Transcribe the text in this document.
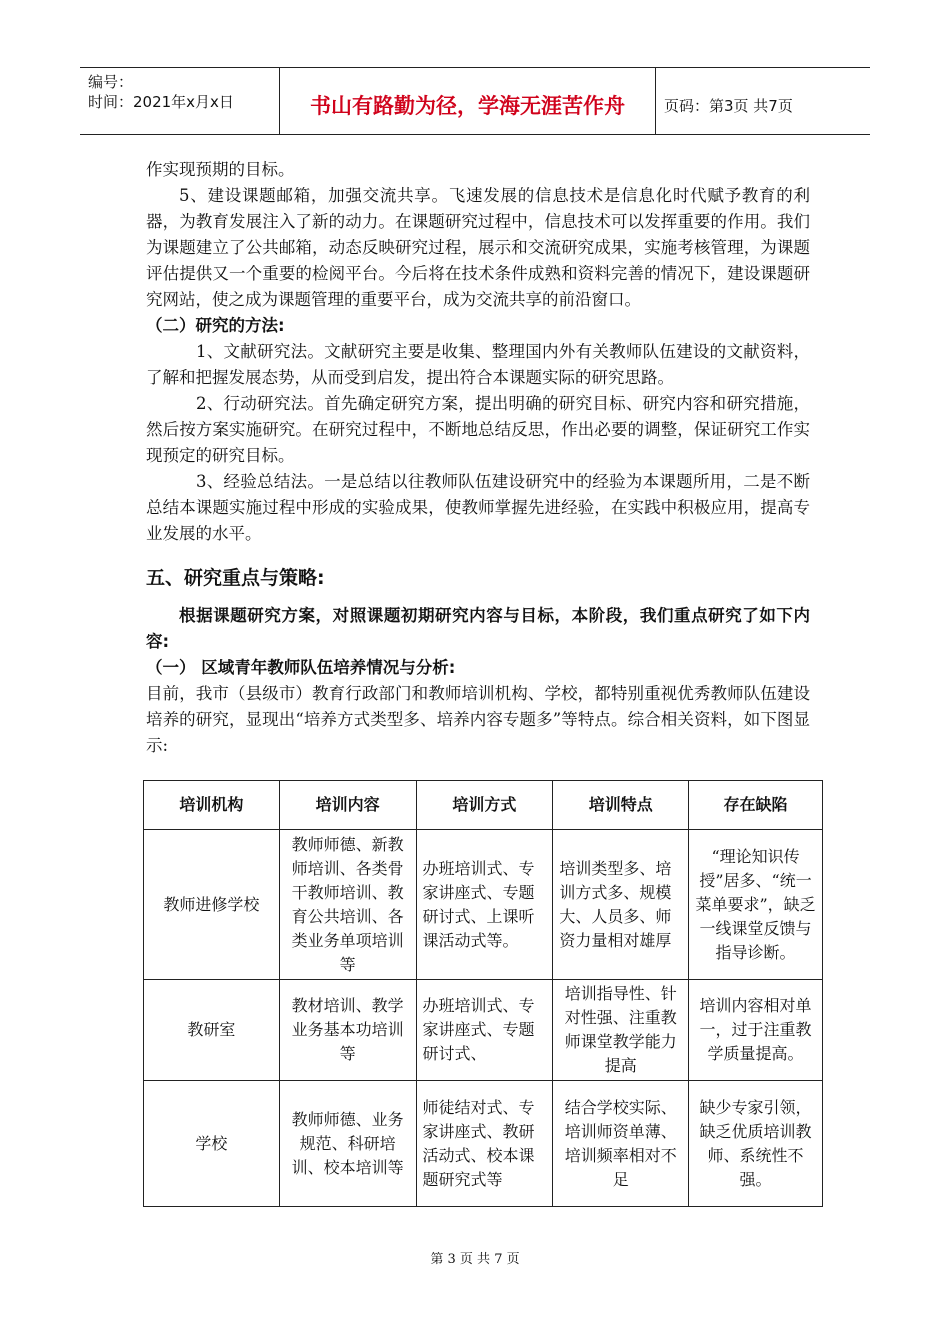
编号：
时间：2021年x月x日	书山有路勤为径，学海无涯苦作舟	页码：第3页 共7页

作实现预期的目标。

5、建设课题邮箱，加强交流共享。飞速发展的信息技术是信息化时代赋予教育的利器，为教育发展注入了新的动力。在课题研究过程中，信息技术可以发挥重要的作用。我们为课题建立了公共邮箱，动态反映研究过程，展示和交流研究成果，实施考核管理，为课题评估提供又一个重要的检阅平台。今后将在技术条件成熟和资料完善的情况下，建设课题研究网站，使之成为课题管理的重要平台，成为交流共享的前沿窗口。

（二）研究的方法:

1、文献研究法。文献研究主要是收集、整理国内外有关教师队伍建设的文献资料，了解和把握发展态势，从而受到启发，提出符合本课题实际的研究思路。

2、行动研究法。首先确定研究方案，提出明确的研究目标、研究内容和研究措施，然后按方案实施研究。在研究过程中，不断地总结反思，作出必要的调整，保证研究工作实现预定的研究目标。

3、经验总结法。一是总结以往教师队伍建设研究中的经验为本课题所用，二是不断总结本课题实施过程中形成的实验成果，使教师掌握先进经验，在实践中积极应用，提高专业发展的水平。

五、研究重点与策略:

根据课题研究方案，对照课题初期研究内容与目标，本阶段，我们重点研究了如下内容:

（一） 区域青年教师队伍培养情况与分析:

目前，我市（县级市）教育行政部门和教师培训机构、学校，都特别重视优秀教师队伍建设培养的研究，显现出“培养方式类型多、培养内容专题多”等特点。综合相关资料，如下图显示:

培训机构	培训内容	培训方式	培训特点	存在缺陷
教师进修学校	教师师德、新教师培训、各类骨干教师培训、教育公共培训、各类业务单项培训等	办班培训式、专家讲座式、专题研讨式、上课听课活动式等。	培训类型多、培训方式多、规模大、人员多、师资力量相对雄厚	“理论知识传授”居多、“统一菜单要求”，缺乏一线课堂反馈与指导诊断。
教研室	教材培训、教学业务基本功培训等	办班培训式、专家讲座式、专题研讨式、	培训指导性、针对性强、注重教师课堂教学能力提高	培训内容相对单一，过于注重教学质量提高。
学校	教师师德、业务规范、科研培训、校本培训等	师徒结对式、专家讲座式、教研活动式、校本课题研究式等	结合学校实际、培训师资单薄、培训频率相对不足	缺少专家引领，缺乏优质培训教师、系统性不强。
第 3 页 共 7 页
